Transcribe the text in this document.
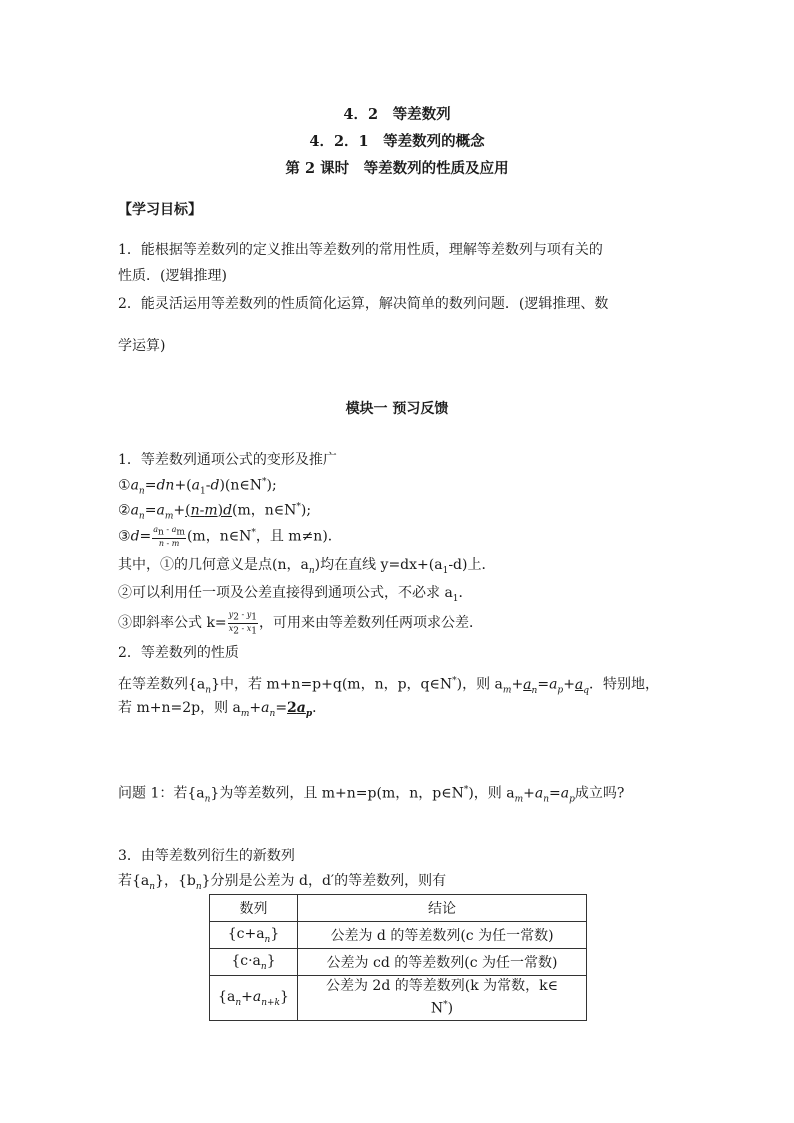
4．2　等差数列
4．2．1　等差数列的概念
第 2 课时　等差数列的性质及应用
【学习目标】
1．能根据等差数列的定义推出等差数列的常用性质，理解等差数列与项有关的
性质．(逻辑推理)
2．能灵活运用等差数列的性质简化运算，解决简单的数列问题．(逻辑推理、数
学运算)
模块一 预习反馈
1．等差数列通项公式的变形及推广
$①a_n=dn+(a_1-d)(n\in N^*)$;
$②a_n=a_m+(n-m)d(m$，n∈N*);
③d= $\frac{a_n - a_m}{n - m} (m$，n∈N*，且 m≠n)．
其中，①的几何意义是点(n，$a_n$)均在直线 $y=dx+(a_1-d)$上．
②可以利用任一项及公差直接得到通项公式，不必求 $a_1$．
③即斜率公式 $k= \frac{y_2 - y_1}{x_2 - x_1}$ ，可用来由等差数列任两项求公差．
2．等差数列的性质
在等差数列$\{a_n\}$中，若 m+n=p+q(m，n，p，q∈N*)，则 $a_m+a_n=a_p+a_q$．特别地，
若 m+n=2p，则 $a_m+a_n=2a_p$．
问题 1：若$\{a_n\}$为等差数列，且 m+n=p(m，n，p∈N*)，则 $a_m+a_n=a_p$成立吗?
3．由等差数列衍生的新数列
若$\{a_n\}$，$\{b_n\}$分别是公差为 d，d′的等差数列，则有
数列	结论
$\{c+a_n\}$	公差为 d 的等差数列(c 为任一常数)
$\{c\cdot a_n\}$	公差为 cd 的等差数列(c 为任一常数)
$\{a_n+a_{n+k}\}$	公差为 2d 的等差数列(k 为常数，k∈
N*)
